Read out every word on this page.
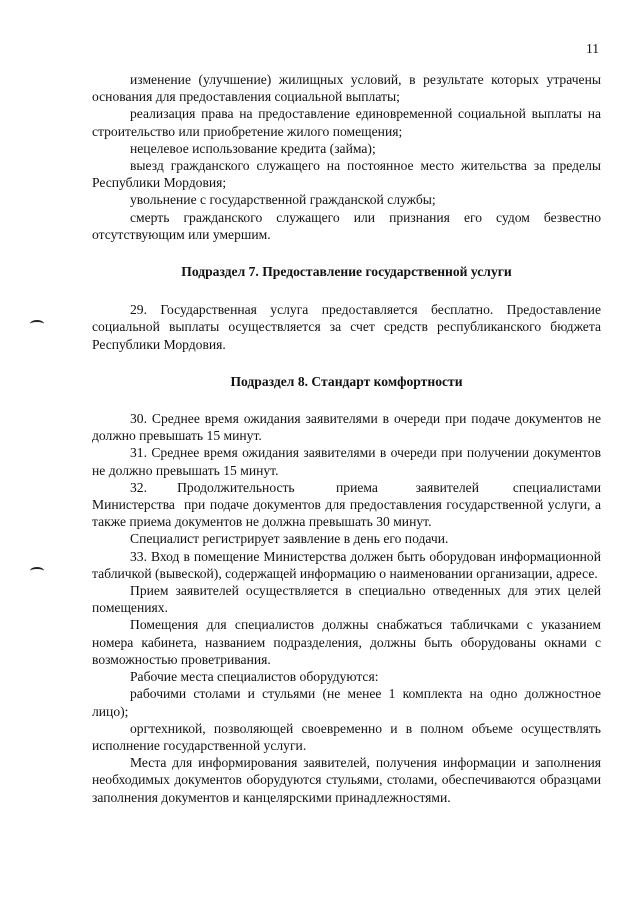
11

изменение (улучшение) жилищных условий, в результате которых утрачены основания для предоставления социальной выплаты;

реализация права на предоставление единовременной социальной выплаты на строительство или приобретение жилого помещения;

нецелевое использование кредита (займа);

выезд гражданского служащего на постоянное место жительства за пределы Республики Мордовия;

увольнение с государственной гражданской службы;

смерть гражданского служащего или признания его судом безвестно отсутствующим или умершим.

Подраздел 7. Предоставление государственной услуги

29. Государственная услуга предоставляется бесплатно. Предоставление социальной выплаты осуществляется за счет средств республиканского бюджета Республики Мордовия.

Подраздел 8. Стандарт комфортности

30. Среднее время ожидания заявителями в очереди при подаче документов не должно превышать 15 минут.

31. Среднее время ожидания заявителями в очереди при получении документов не должно превышать 15 минут.

32.        Продолжительность           приема          заявителей         специалистами Министерства  при подаче документов для предоставления государственной услуги, а также приема документов не должна превышать 30 минут.

Специалист регистрирует заявление в день его подачи.

33. Вход в помещение Министерства должен быть оборудован информационной табличкой (вывеской), содержащей информацию о наименовании организации, адресе.

Прием заявителей осуществляется в специально отведенных для этих целей помещениях.

Помещения для специалистов должны снабжаться табличками с указанием номера кабинета, названием подразделения, должны быть оборудованы окнами с возможностью проветривания.

Рабочие места специалистов оборудуются:

рабочими столами и стульями (не менее 1 комплекта на одно должностное лицо);

оргтехникой, позволяющей своевременно и в полном объеме осуществлять исполнение государственной услуги.

Места для информирования заявителей, получения информации и заполнения необходимых документов оборудуются стульями, столами, обеспечиваются образцами заполнения документов и канцелярскими принадлежностями.
